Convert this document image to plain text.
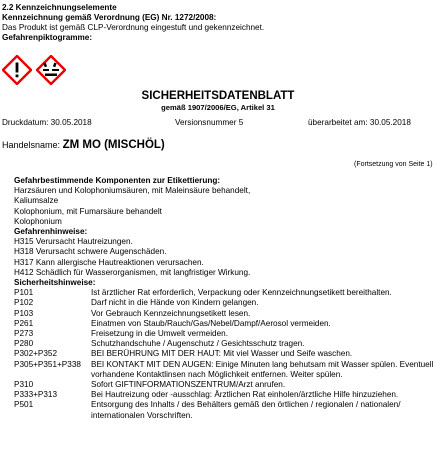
2.2 Kennzeichnungselemente
Kennzeichnung gemäß Verordnung (EG) Nr. 1272/2008:
Das Produkt ist gemäß CLP-Verordnung eingestuft und gekennzeichnet.
Gefahrenpiktogramme:
SICHERHEITSDATENBLATT
gemäß 1907/2006/EG, Artikel 31
Druckdatum: 30.05.2018	Versionsnummer 5	überarbeitet am: 30.05.2018
Handelsname: ZM MO (MISCHÖL)
(Fortsetzung von Seite 1)
Gefahrbestimmende Komponenten zur Etikettierung:
Harzsäuren und Kolophoniumsäuren, mit Maleinsäure behandelt,
Kaliumsalze
Kolophonium, mit Fumarsäure behandelt
Kolophonium
Gefahrenhinweise:
H315 Verursacht Hautreizungen.
H318 Verursacht schwere Augenschäden.
H317 Kann allergische Hautreaktionen verursachen.
H412 Schädlich für Wasserorganismen, mit langfristiger Wirkung.
Sicherheitshinweise:
P101	Ist ärztlicher Rat erforderlich, Verpackung oder Kennzeichnungsetikett bereithalten.
P102	Darf nicht in die Hände von Kindern gelangen.
P103	Vor Gebrauch Kennzeichnungsetikett lesen.
P261	Einatmen von Staub/Rauch/Gas/Nebel/Dampf/Aerosol vermeiden.
P273	Freisetzung in die Umwelt vermeiden.
P280	Schutzhandschuhe / Augenschutz / Gesichtsschutz tragen.
P302+P352	BEI BERÜHRUNG MIT DER HAUT: Mit viel Wasser und Seife waschen.
P305+P351+P338	BEI KONTAKT MIT DEN AUGEN: Einige Minuten lang behutsam mit Wasser spülen. Eventuell vorhandene Kontaktlinsen nach Möglichkeit entfernen. Weiter spülen.
P310	Sofort GIFTINFORMATIONSZENTRUM/Arzt anrufen.
P333+P313	Bei Hautreizung oder -ausschlag: Ärztlichen Rat einholen/ärztliche Hilfe hinzuziehen.
P501	Entsorgung des Inhalts / des Behälters gemäß den örtlichen / regionalen / nationalen/ internationalen Vorschriften.
